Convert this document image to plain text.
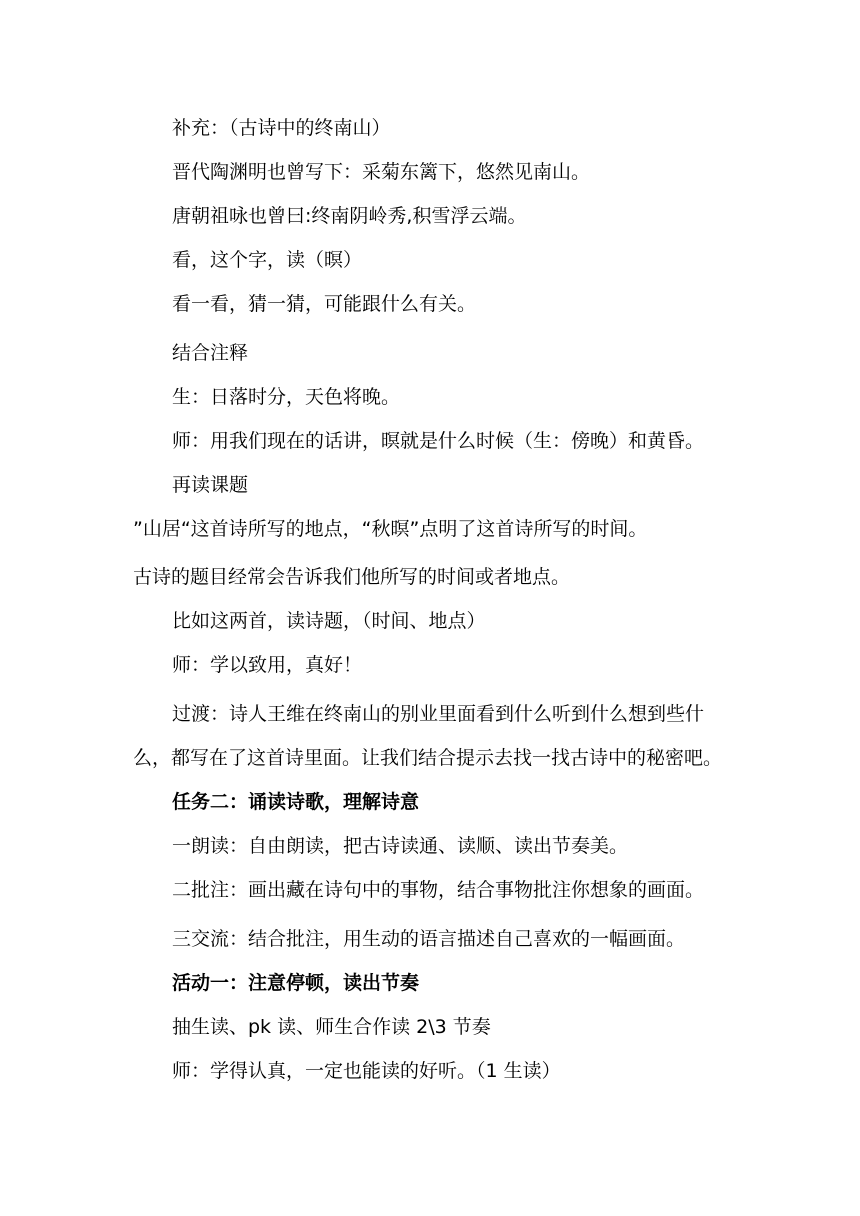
补充：（古诗中的终南山）
晋代陶渊明也曾写下：采菊东篱下，悠然见南山。
唐朝祖咏也曾曰:终南阴岭秀,积雪浮云端。
看，这个字，读（暝）
看一看，猜一猜，可能跟什么有关。
结合注释
生：日落时分，天色将晚。
师：用我们现在的话讲，暝就是什么时候（生：傍晚）和黄昏。
再读课题
”山居“这首诗所写的地点，“秋暝”点明了这首诗所写的时间。
古诗的题目经常会告诉我们他所写的时间或者地点。
比如这两首，读诗题，（时间、地点）
师：学以致用，真好！
过渡：诗人王维在终南山的别业里面看到什么听到什么想到些什
么，都写在了这首诗里面。让我们结合提示去找一找古诗中的秘密吧。
任务二：诵读诗歌，理解诗意
一朗读：自由朗读，把古诗读通、读顺、读出节奏美。
二批注：画出藏在诗句中的事物，结合事物批注你想象的画面。
三交流：结合批注，用生动的语言描述自己喜欢的一幅画面。
活动一：注意停顿，读出节奏
抽生读、pk 读、师生合作读 2\3 节奏
师：学得认真，一定也能读的好听。（1 生读）
